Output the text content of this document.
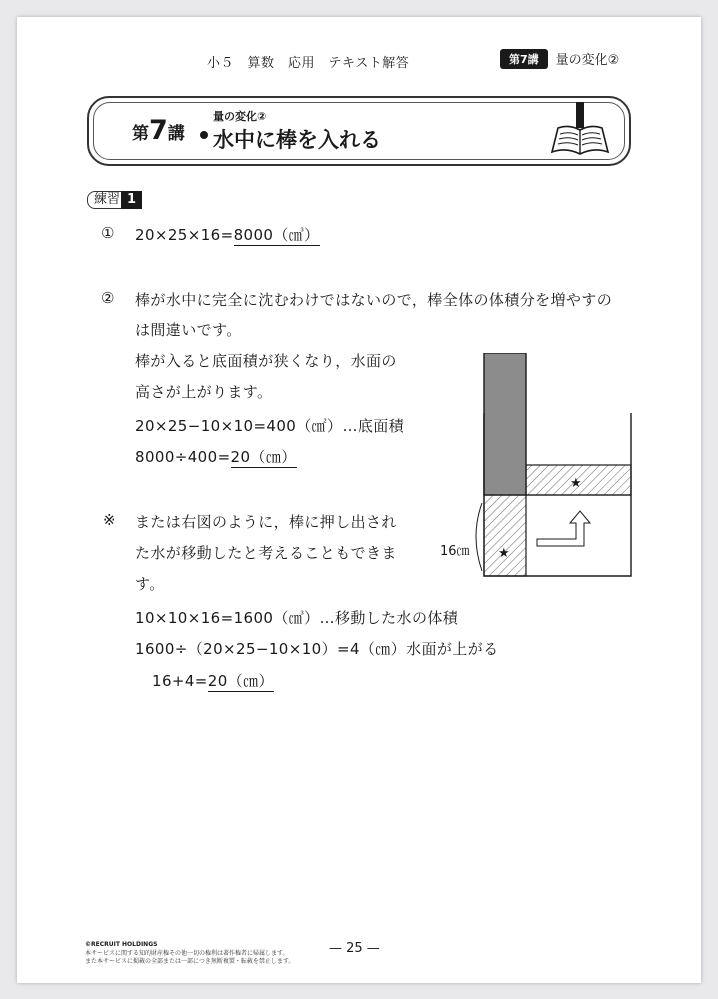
小５　算数　応用　テキスト解答	第7講 量の変化②
第7講
量の変化②
水中に棒を入れる
練習 1
① 20×25×16=8000（㎤）
② 棒が水中に完全に沈むわけではないので，棒全体の体積分を増やすの
は間違いです。
棒が入ると底面積が狭くなり，水面の
高さが上がります。
20×25−10×10=400（㎠）…底面積
8000÷400=20（㎝）
※ または右図のように，棒に押し出され
た水が移動したと考えることもできま
す。
10×10×16=1600（㎤）…移動した水の体積
1600÷（20×25−10×10）=4（㎝）水面が上がる
16+4=20（㎝）
16㎝
★
★
©RECRUIT HOLDINGS
本サービスに関する知的財産権その他一切の権利は著作権者に帰属します。
また本サービスに掲載の全部または一部につき無断複製・転載を禁止します。
— 25 —
